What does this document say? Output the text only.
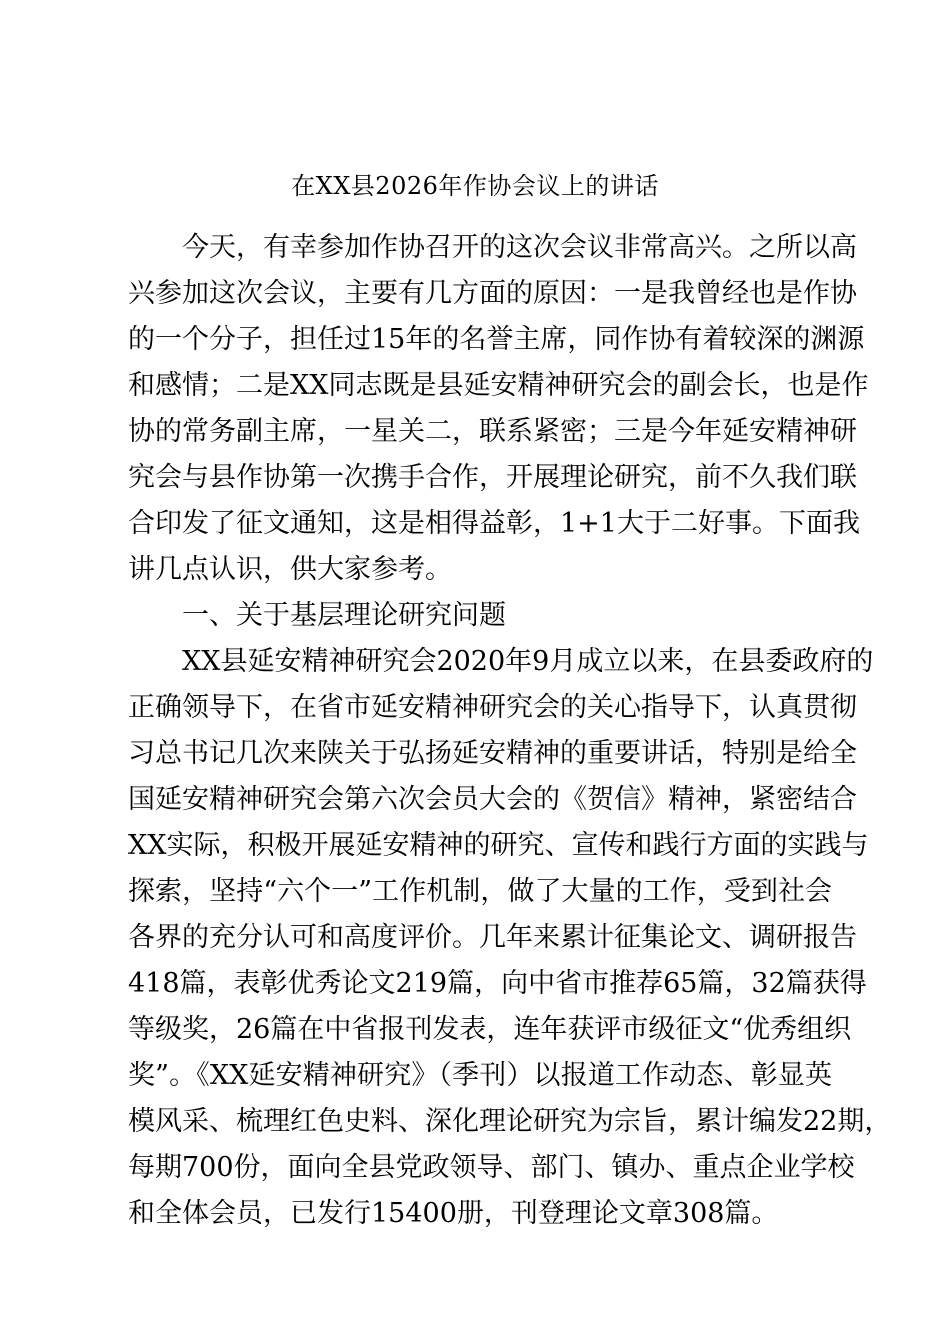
在XX县2026年作协会议上的讲话
今天，有幸参加作协召开的这次会议非常高兴。之所以高
兴参加这次会议，主要有几方面的原因：一是我曾经也是作协
的一个分子，担任过15年的名誉主席，同作协有着较深的渊源
和感情；二是XX同志既是县延安精神研究会的副会长，也是作
协的常务副主席，一星关二，联系紧密；三是今年延安精神研
究会与县作协第一次携手合作，开展理论研究，前不久我们联
合印发了征文通知，这是相得益彰，1+1大于二好事。下面我
讲几点认识，供大家参考。
一、关于基层理论研究问题
XX县延安精神研究会2020年9月成立以来，在县委政府的
正确领导下，在省市延安精神研究会的关心指导下，认真贯彻
习总书记几次来陕关于弘扬延安精神的重要讲话，特别是给全
国延安精神研究会第六次会员大会的《贺信》精神，紧密结合
XX实际，积极开展延安精神的研究、宣传和践行方面的实践与
探索，坚持“六个一”工作机制，做了大量的工作，受到社会
各界的充分认可和高度评价。几年来累计征集论文、调研报告
418篇，表彰优秀论文219篇，向中省市推荐65篇，32篇获得
等级奖，26篇在中省报刊发表，连年获评市级征文“优秀组织
奖”。《XX延安精神研究》（季刊）以报道工作动态、彰显英
模风采、梳理红色史料、深化理论研究为宗旨，累计编发22期，
每期700份，面向全县党政领导、部门、镇办、重点企业学校
和全体会员，已发行15400册，刊登理论文章308篇。
